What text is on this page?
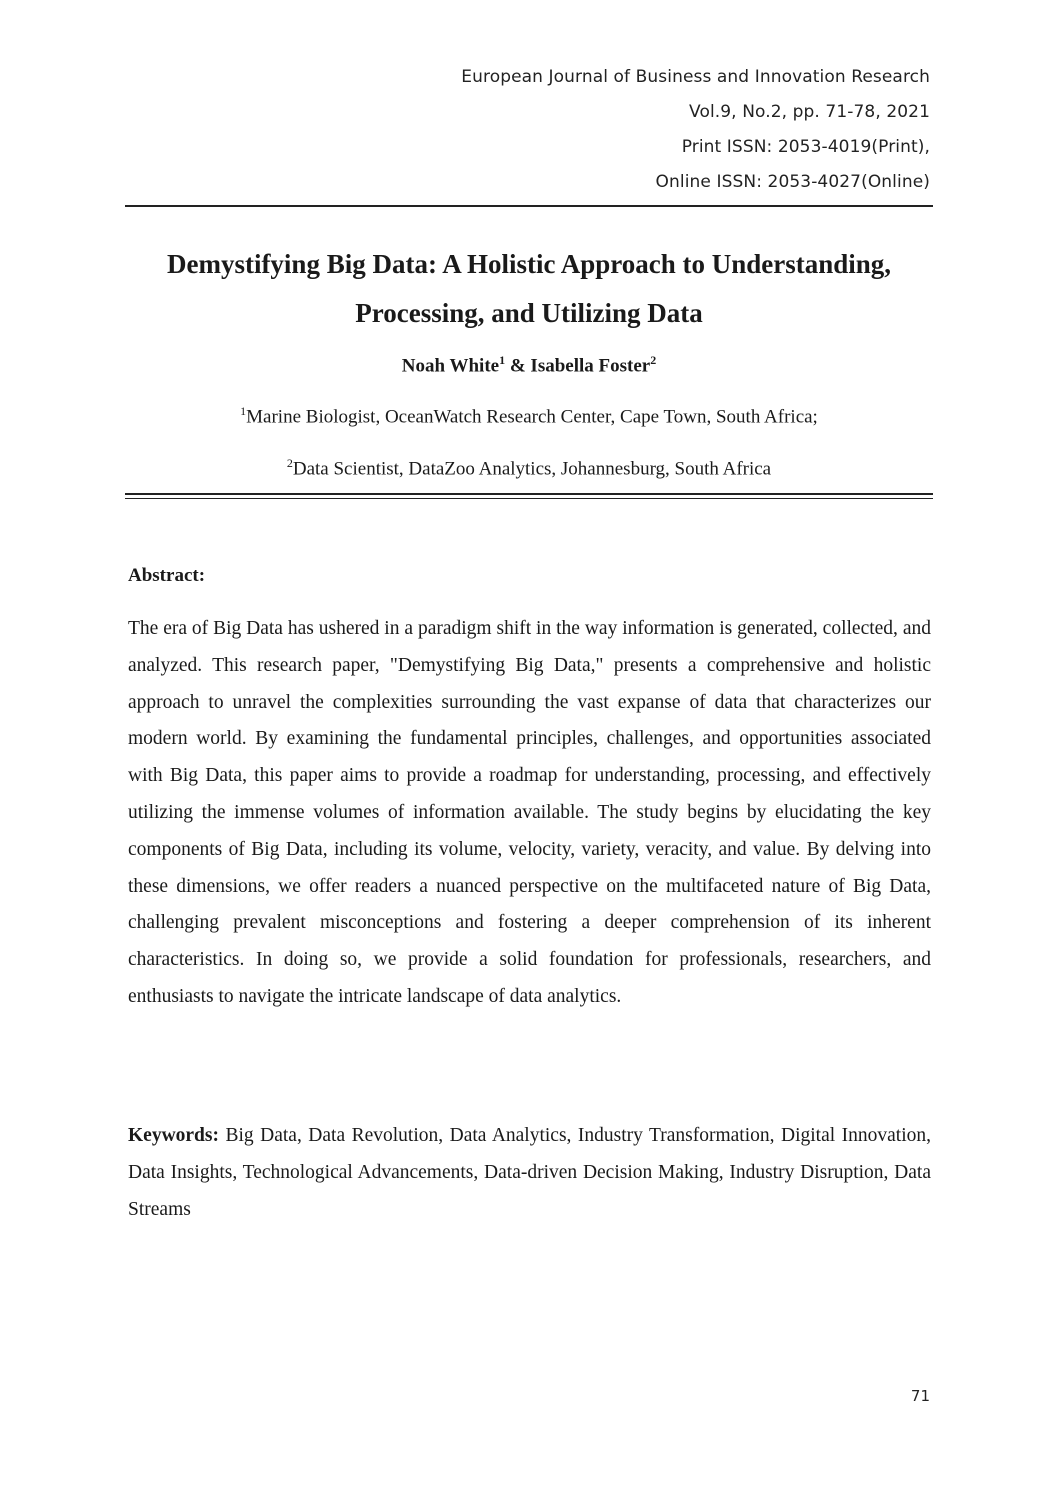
European Journal of Business and Innovation Research
Vol.9, No.2, pp. 71-78, 2021
Print ISSN: 2053-4019(Print),
Online ISSN: 2053-4027(Online)
Demystifying Big Data: A Holistic Approach to Understanding,
Processing, and Utilizing Data
Noah White$^1$ & Isabella Foster$^2$
$^1$Marine Biologist, OceanWatch Research Center, Cape Town, South Africa;
$^2$Data Scientist, DataZoo Analytics, Johannesburg, South Africa
Abstract:

The era of Big Data has ushered in a paradigm shift in the way information is generated, collected, and analyzed. This research paper, "Demystifying Big Data," presents a comprehensive and holistic approach to unravel the complexities surrounding the vast expanse of data that characterizes our modern world. By examining the fundamental principles, challenges, and opportunities associated with Big Data, this paper aims to provide a roadmap for understanding, processing, and effectively utilizing the immense volumes of information available. The study begins by elucidating the key components of Big Data, including its volume, velocity, variety, veracity, and value. By delving into these dimensions, we offer readers a nuanced perspective on the multifaceted nature of Big Data, challenging prevalent misconceptions and fostering a deeper comprehension of its inherent characteristics. In doing so, we provide a solid foundation for professionals, researchers, and enthusiasts to navigate the intricate landscape of data analytics.

Keywords: Big Data, Data Revolution, Data Analytics, Industry Transformation, Digital Innovation, Data Insights, Technological Advancements, Data-driven Decision Making, Industry Disruption, Data Streams

71
